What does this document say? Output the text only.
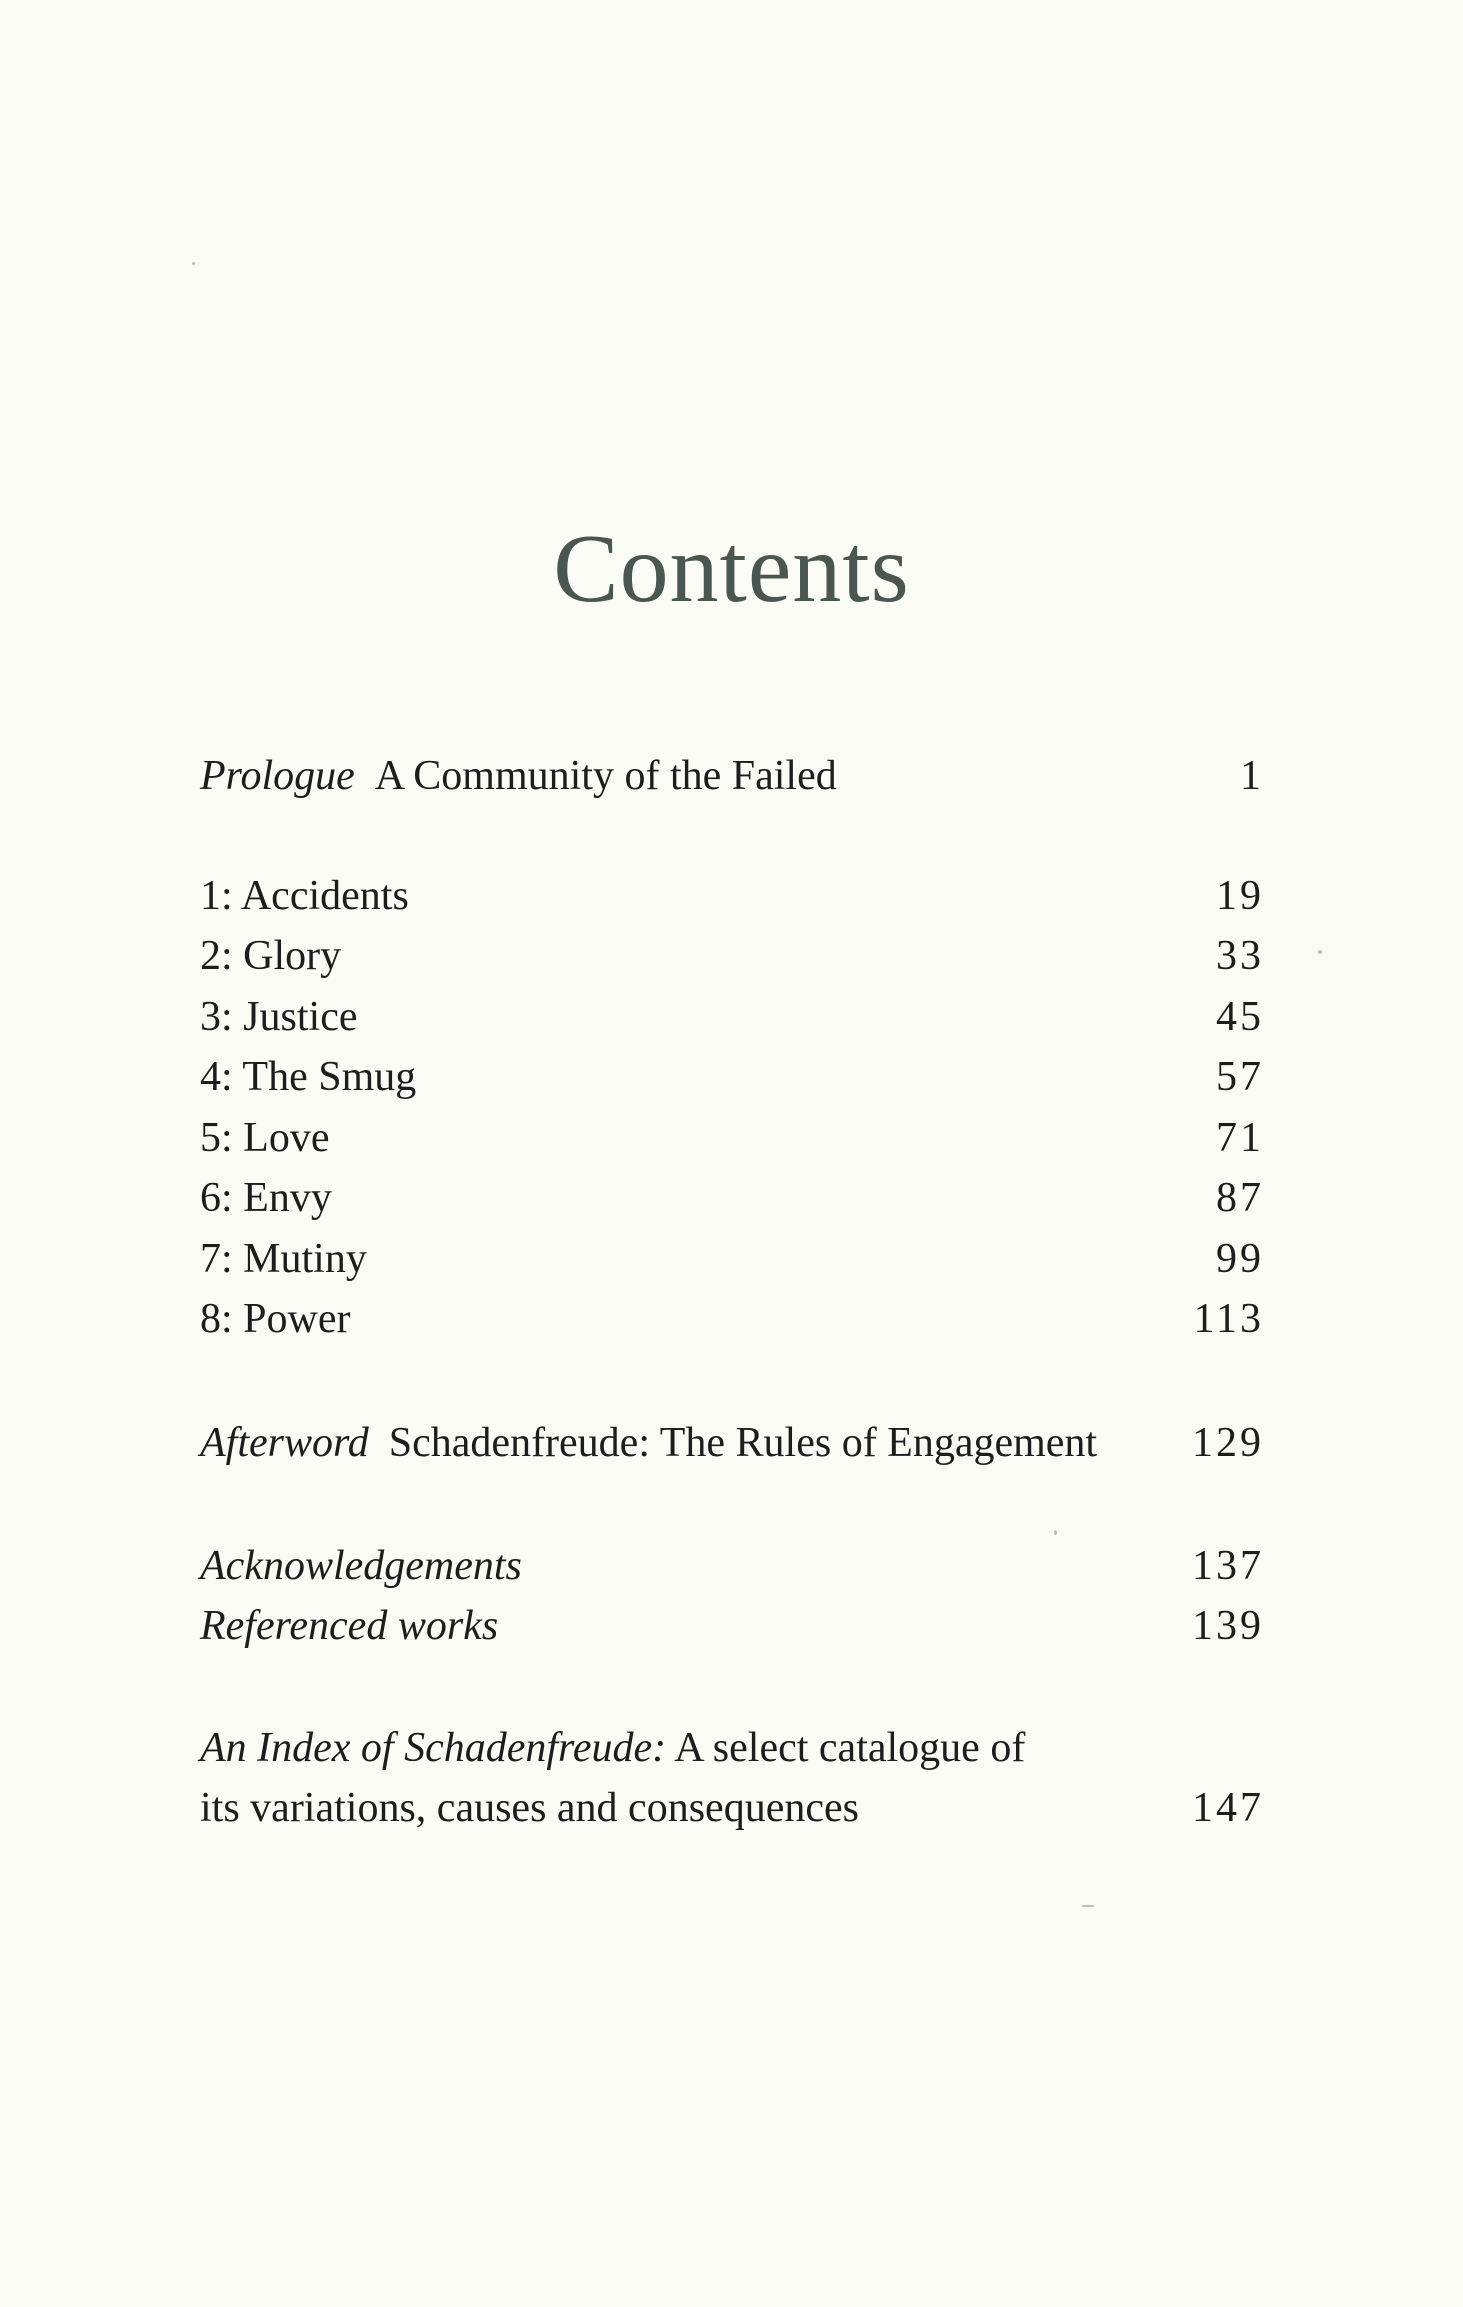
Contents
Prologue A Community of the Failed	1
1: Accidents	19
2: Glory	33
3: Justice	45
4: The Smug	57
5: Love	71
6: Envy	87
7: Mutiny	99
8: Power	113
Afterword Schadenfreude: The Rules of Engagement 129
Acknowledgements	137
Referenced works	139
An Index of Schadenfreude: A select catalogue of
its variations, causes and consequences	147
